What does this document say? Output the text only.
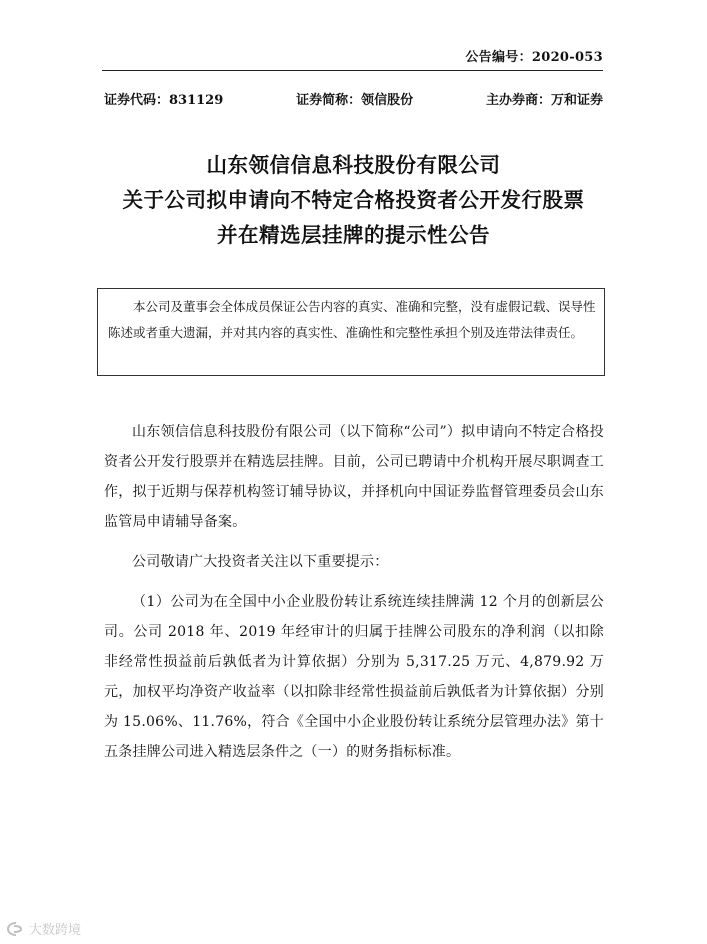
公告编号：2020-053
证券代码：831129	证券简称：领信股份	主办券商：万和证券
山东领信信息科技股份有限公司
关于公司拟申请向不特定合格投资者公开发行股票
并在精选层挂牌的提示性公告

本公司及董事会全体成员保证公告内容的真实、准确和完整，没有虚假记载、误导性陈述或者重大遗漏，并对其内容的真实性、准确性和完整性承担个别及连带法律责任。

山东领信信息科技股份有限公司（以下简称“公司”）拟申请向不特定合格投资者公开发行股票并在精选层挂牌。目前，公司已聘请中介机构开展尽职调查工作，拟于近期与保荐机构签订辅导协议，并择机向中国证券监督管理委员会山东监管局申请辅导备案。

公司敬请广大投资者关注以下重要提示：

（1）公司为在全国中小企业股份转让系统连续挂牌满 12 个月的创新层公司。公司 2018 年、2019 年经审计的归属于挂牌公司股东的净利润（以扣除非经常性损益前后孰低者为计算依据）分别为 5,317.25 万元、4,879.92 万元，加权平均净资产收益率（以扣除非经常性损益前后孰低者为计算依据）分别为 15.06%、11.76%，符合《全国中小企业股份转让系统分层管理办法》第十五条挂牌公司进入精选层条件之（一）的财务指标标准。

大数跨境
